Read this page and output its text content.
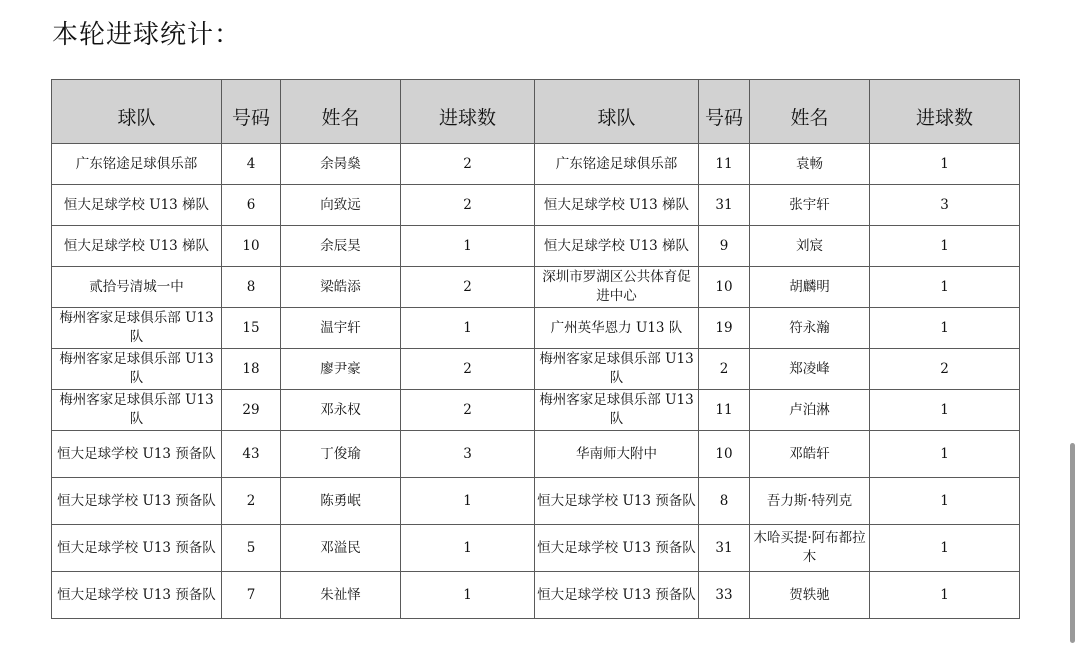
本轮进球统计：
球队	号码	姓名	进球数	球队	号码	姓名	进球数
广东铭途足球俱乐部	4	余昺燊	2	广东铭途足球俱乐部	11	袁畅	1
恒大足球学校 U13 梯队	6	向致远	2	恒大足球学校 U13 梯队	31	张宇轩	3
恒大足球学校 U13 梯队	10	余辰昊	1	恒大足球学校 U13 梯队	9	刘宸	1
贰拾号清城一中	8	梁皓添	2	深圳市罗湖区公共体育促进中心	10	胡麟明	1
梅州客家足球俱乐部 U13 队	15	温宇轩	1	广州英华恩力 U13 队	19	符永瀚	1
梅州客家足球俱乐部 U13 队	18	廖尹豪	2	梅州客家足球俱乐部 U13 队	2	郑凌峰	2
梅州客家足球俱乐部 U13 队	29	邓永权	2	梅州客家足球俱乐部 U13 队	11	卢泊淋	1
恒大足球学校 U13 预备队	43	丁俊瑜	3	华南师大附中	10	邓皓轩	1
恒大足球学校 U13 预备队	2	陈勇岷	1	恒大足球学校 U13 预备队	8	吾力斯·特列克	1
恒大足球学校 U13 预备队	5	邓溢民	1	恒大足球学校 U13 预备队	31	木哈买提·阿布都拉木	1
恒大足球学校 U13 预备队	7	朱祉怿	1	恒大足球学校 U13 预备队	33	贺轶驰	1
